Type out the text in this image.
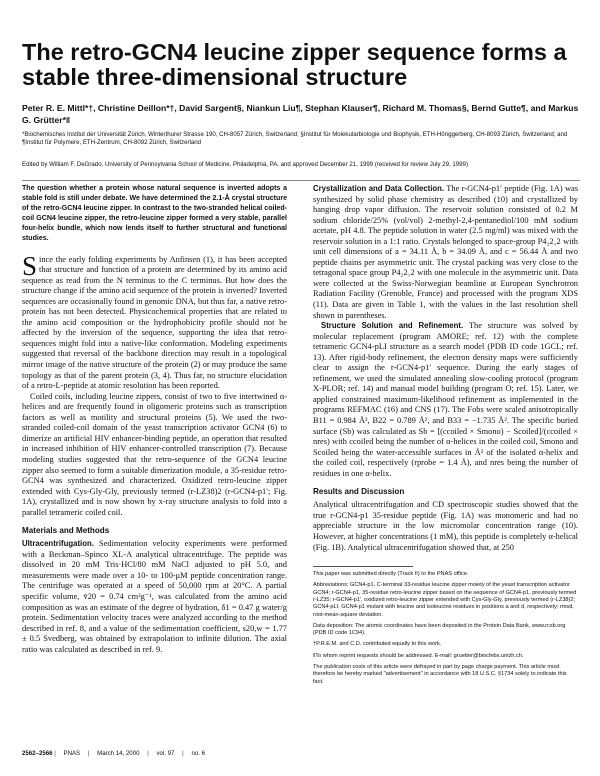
The retro-GCN4 leucine zipper sequence forms a stable three-dimensional structure
Peter R. E. Mittl*†, Christine Deillon*†, David Sargent§, Niankun Liu¶, Stephan Klauser¶, Richard M. Thomas§, Bernd Gutte¶, and Markus G. Grütter*‖
*Biochemisches Institut der Universität Zürich, Winterthurer Strasse 190, CH-8057 Zürich, Switzerland; §Institut für Molekularbiologie und Biophysik, ETH-Hönggerberg, CH-8093 Zürich, Switzerland; and ¶Institut für Polymere, ETH-Zentrum, CH-8092 Zürich, Switzerland
Edited by William F. DeGrado, University of Pennsylvania School of Medicine, Philadelphia, PA, and approved December 21, 1999 (received for review July 29, 1999)

The question whether a protein whose natural sequence is inverted adopts a stable fold is still under debate. We have determined the 2.1-Å crystal structure of the retro-GCN4 leucine zipper. In contrast to the two-stranded helical coiled-coil GCN4 leucine zipper, the retro-leucine zipper formed a very stable, parallel four-helix bundle, which now lends itself to further structural and functional studies.

Since the early folding experiments by Anfinsen (1), it has been accepted that structure and function of a protein are determined by its amino acid sequence as read from the N terminus to the C terminus. But how does the structure change if the amino acid sequence of the protein is inverted? Inverted sequences are occasionally found in genomic DNA, but thus far, a native retro-protein has not been detected. Physicochemical properties that are related to the amino acid composition or the hydrophobicity profile should not be affected by the inversion of the sequence, supporting the idea that retro-sequences might fold into a native-like conformation. Modeling experiments suggested that reversal of the backbone direction may result in a topological mirror image of the native structure of the protein (2) or may produce the same topology as that of the parent protein (3, 4). Thus far, no structure elucidation of a retro-L-peptide at atomic resolution has been reported.

Coiled coils, including leucine zippers, consist of two to five intertwined α-helices and are frequently found in oligomeric proteins such as transcription factors as well as motility and structural proteins (5). We used the two-stranded coiled-coil domain of the yeast transcription activator GCN4 (6) to dimerize an artificial HIV enhancer-binding peptide, an operation that resulted in increased inhibition of HIV enhancer-controlled transcription (7). Because modeling studies suggested that the retro-sequence of the GCN4 leucine zipper also seemed to form a suitable dimerization module, a 35-residue retro-GCN4 was synthesized and characterized. Oxidized retro-leucine zipper extended with Cys-Gly-Gly, previously termed (r-LZ38)2 (r-GCN4-p1′; Fig. 1A), crystallized and is now shown by x-ray structure analysis to fold into a parallel tetrameric coiled coil.

Materials and Methods

Ultracentrifugation. Sedimentation velocity experiments were performed with a Beckman–Spinco XL-A analytical ultracentrifuge. The peptide was dissolved in 20 mM Tris·HCl/80 mM NaCl adjusted to pH 5.0, and measurements were made over a 10- to 100-μM peptide concentration range. The centrifuge was operated at a speed of 50,000 rpm at 20°C. A partial specific volume, v̄20 = 0.74 cm³g⁻¹, was calculated from the amino acid composition as was an estimate of the degree of hydration, δ1 = 0.47 g water/g protein. Sedimentation velocity traces were analyzed according to the method described in ref. 8, and a value of the sedimentation coefficient, s20,w = 1.77 ± 0.5 Svedberg, was obtained by extrapolation to infinite dilution. The axial ratio was calculated as described in ref. 9.

Crystallization and Data Collection. The r-GCN4-p1′ peptide (Fig. 1A) was synthesized by solid phase chemistry as described (10) and crystallized by hanging drop vapor diffusion. The reservoir solution consisted of 0.2 M sodium chloride/25% (vol/vol) 2-methyl-2,4-pentanediol/100 mM sodium acetate, pH 4.8. The peptide solution in water (2.5 mg/ml) was mixed with the reservoir solution in a 1:1 ratio. Crystals belonged to space-group P4₂2₁2 with unit cell dimensions of a = 34.11 Å, b = 34.09 Å, and c = 56.44 Å and two peptide chains per asymmetric unit. The crystal packing was very close to the tetragonal space group P4₂2₁2 with one molecule in the asymmetric unit. Data were collected at the Swiss-Norwegian beamline at European Synchrotron Radiation Facility (Grenoble, France) and processed with the program XDS (11). Data are given in Table 1, with the values in the last resolution shell shown in parentheses.

Structure Solution and Refinement. The structure was solved by molecular replacement (program AMORE; ref. 12) with the complete tetrameric GCN4-pLI structure as a search model (PDB ID code 1GCL; ref. 13). After rigid-body refinement, the electron density maps were sufficiently clear to assign the r-GCN4-p1′ sequence. During the early stages of refinement, we used the simulated annealing slow-cooling protocol (program X-PLOR; ref. 14) and manual model building (program O; ref. 15). Later, we applied constrained maximum-likelihood refinement as implemented in the programs REFMAC (16) and CNS (17). The Fobs were scaled anisotropically B11 = 0.984 Å², B22 = 0.789 Å², and B33 = −1.735 Å². The specific buried surface (Sb) was calculated as Sb = [(ccoiled × Smono) − Scoiled]/(ccoiled × nres) with ccoiled being the number of α-helices in the coiled coil, Smono and Scoiled being the water-accessible surfaces in Å² of the isolated α-helix and the coiled coil, respectively (rprobe = 1.4 Å), and nres being the number of residues in one α-helix.

Results and Discussion

Analytical ultracentrifugation and CD spectroscopic studies showed that the true r-GCN4-p1 35-residue peptide (Fig. 1A) was monomeric and had no appreciable structure in the low micromolar concentration range (10). However, at higher concentrations (1 mM), this peptide is completely α-helical (Fig. 1B). Analytical ultracentrifugation showed that, at 250

This paper was submitted directly (Track II) to the PNAS office.

Abbreviations: GCN4-p1, C-terminal 33-residue leucine zipper moiety of the yeast transcription activator GCN4; r-GCN4-p1, 35-residue retro-leucine zipper based on the sequence of GCN4-p1, previously termed r-LZ35; r-GCN4-p1′, oxidized retro-leucine zipper extended with Cys-Gly-Gly, previously termed (r-LZ38)2; GCN4-pLI, GCN4-p1 mutant with leucine and isoleucine residues in positions a and d, respectively; rmsd, root-mean-square deviation.

Data deposition: The atomic coordinates have been deposited in the Protein Data Bank, www.rcsb.org (PDB ID code 1C94).

†P.R.E.M. and C.D. contributed equally to this work.

‖To whom reprint requests should be addressed. E-mail: gruetter@biocfebs.unizh.ch.

The publication costs of this article were defrayed in part by page charge payment. This article must therefore be hereby marked "advertisement" in accordance with 18 U.S.C. §1734 solely to indicate this fact.

2562–2566 | PNAS | March 14, 2000 | vol. 97 | no. 6
